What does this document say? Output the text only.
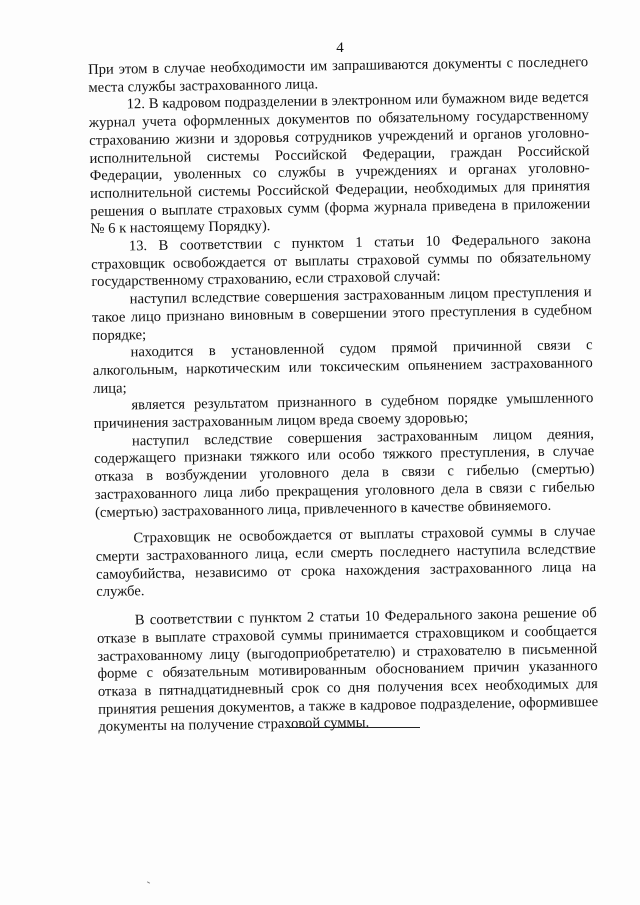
4

При этом в случае необходимости им запрашиваются документы с последнего места службы застрахованного лица.

12. В кадровом подразделении в электронном или бумажном виде ведется журнал учета оформленных документов по обязательному государственному страхованию жизни и здоровья сотрудников учреждений и органов уголовно-исполнительной системы Российской Федерации, граждан Российской Федерации, уволенных со службы в учреждениях и органах уголовно-исполнительной системы Российской Федерации, необходимых для принятия решения о выплате страховых сумм (форма журнала приведена в приложении № 6 к настоящему Порядку).

13. В соответствии с пунктом 1 статьи 10 Федерального закона страховщик освобождается от выплаты страховой суммы по обязательному государственному страхованию, если страховой случай:

наступил вследствие совершения застрахованным лицом преступления и такое лицо признано виновным в совершении этого преступления в судебном порядке;

находится в установленной судом прямой причинной связи с алкогольным, наркотическим или токсическим опьянением застрахованного лица;

является результатом признанного в судебном порядке умышленного причинения застрахованным лицом вреда своему здоровью;

наступил вследствие совершения застрахованным лицом деяния, содержащего признаки тяжкого или особо тяжкого преступления, в случае отказа в возбуждении уголовного дела в связи с гибелью (смертью) застрахованного лица либо прекращения уголовного дела в связи с гибелью (смертью) застрахованного лица, привлеченного в качестве обвиняемого.

Страховщик не освобождается от выплаты страховой суммы в случае смерти застрахованного лица, если смерть последнего наступила вследствие самоубийства, независимо от срока нахождения застрахованного лица на службе.

В соответствии с пунктом 2 статьи 10 Федерального закона решение об отказе в выплате страховой суммы принимается страховщиком и сообщается застрахованному лицу (выгодоприобретателю) и страхователю в письменной форме с обязательным мотивированным обоснованием причин указанного отказа в пятнадцатидневный срок со дня получения всех необходимых для принятия решения документов, а также в кадровое подразделение, оформившее документы на получение страховой суммы.
